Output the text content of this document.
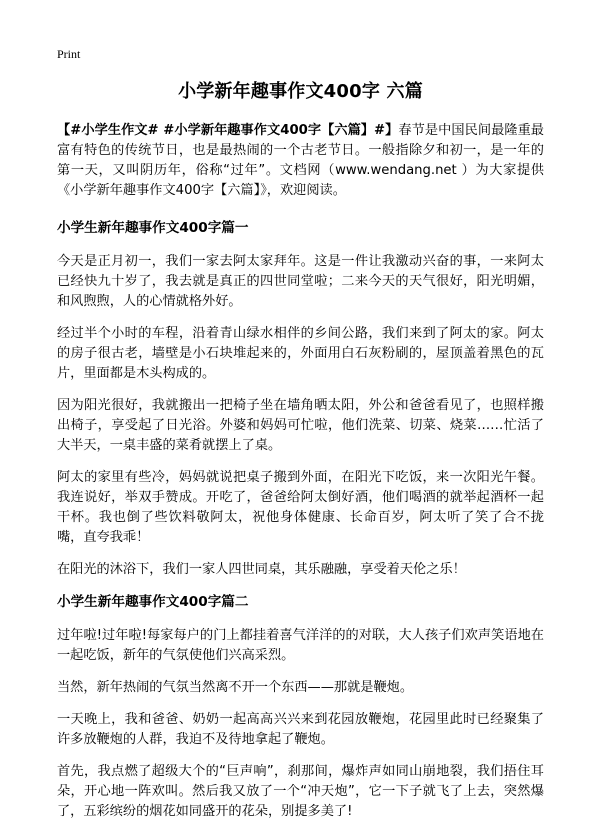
Print
小学新年趣事作文400字 六篇

【#小学生作文# #小学新年趣事作文400字【六篇】#】春节是中国民间最隆重最富有特色的传统节日，也是最热闹的一个古老节日。一般指除夕和初一，是一年的第一天，又叫阴历年，俗称“过年”。文档网（www.wendang.net ）为大家提供《小学新年趣事作文400字【六篇】》，欢迎阅读。

小学生新年趣事作文400字篇一

今天是正月初一，我们一家去阿太家拜年。这是一件让我激动兴奋的事，一来阿太已经快九十岁了，我去就是真正的四世同堂啦；二来今天的天气很好，阳光明媚，和风煦煦，人的心情就格外好。

经过半个小时的车程，沿着青山绿水相伴的乡间公路，我们来到了阿太的家。阿太的房子很古老，墙壁是小石块堆起来的，外面用白石灰粉刷的，屋顶盖着黑色的瓦片，里面都是木头构成的。

因为阳光很好，我就搬出一把椅子坐在墙角晒太阳，外公和爸爸看见了，也照样搬出椅子，享受起了日光浴。外婆和妈妈可忙啦，他们洗菜、切菜、烧菜……忙活了大半天，一桌丰盛的菜肴就摆上了桌。

阿太的家里有些冷，妈妈就说把桌子搬到外面，在阳光下吃饭，来一次阳光午餐。我连说好，举双手赞成。开吃了，爸爸给阿太倒好酒，他们喝酒的就举起酒杯一起干杯。我也倒了些饮料敬阿太，祝他身体健康、长命百岁，阿太听了笑了合不拢嘴，直夸我乖！

在阳光的沐浴下，我们一家人四世同桌，其乐融融，享受着天伦之乐！

小学生新年趣事作文400字篇二

过年啦!过年啦!每家每户的门上都挂着喜气洋洋的的对联，大人孩子们欢声笑语地在一起吃饭，新年的气氛使他们兴高采烈。

当然，新年热闹的气氛当然离不开一个东西——那就是鞭炮。

一天晚上，我和爸爸、奶奶一起高高兴兴来到花园放鞭炮，花园里此时已经聚集了许多放鞭炮的人群，我迫不及待地拿起了鞭炮。

首先，我点燃了超级大个的“巨声响”，刹那间，爆炸声如同山崩地裂，我们捂住耳朵，开心地一阵欢叫。然后我又放了一个“冲天炮”，它一下子就飞了上去，突然爆了，五彩缤纷的烟花如同盛开的花朵，别提多美了!
